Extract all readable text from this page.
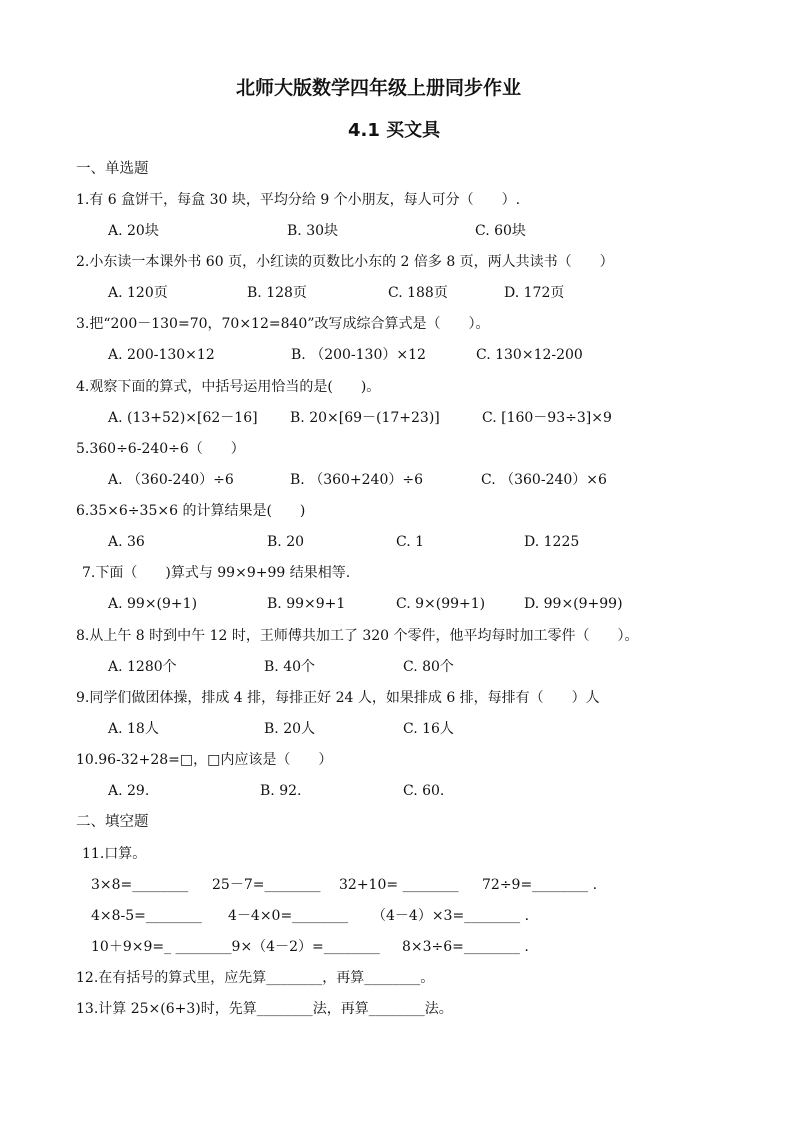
北师大版数学四年级上册同步作业
4.1 买文具
一、单选题
1.有 6 盒饼干，每盒 30 块，平均分给 9 个小朋友，每人可分（　　）.
A. 20块	B. 30块	C. 60块
2.小东读一本课外书 60 页，小红读的页数比小东的 2 倍多 8 页，两人共读书（　　）
A. 120页	B. 128页	C. 188页	D. 172页
3.把“200－130=70，70×12=840”改写成综合算式是（　　）。
A. 200-130×12	B. （200-130）×12	C. 130×12-200
4.观察下面的算式，中括号运用恰当的是(　　)。
A. (13+52)×[62－16] B. 20×[69－(17+23)]	C. [160－93÷3]×9
5.360÷6-240÷6（　　）
A. （360-240）÷6	B. （360+240）÷6	C. （360-240）×6
6.35×6÷35×6 的计算结果是(　　)
A. 36	B. 20	C. 1	D. 1225
7.下面（　　)算式与 99×9+99 结果相等.
A. 99×(9+1)	B. 99×9+1	C. 9×(99+1)	D. 99×(9+99)
8.从上午 8 时到中午 12 时，王师傅共加工了 320 个零件，他平均每时加工零件（　　）。
A. 1280个	B. 40个	C. 80个
9.同学们做团体操，排成 4 排，每排正好 24 人，如果排成 6 排，每排有（　　）人
A. 18人	B. 20人	C. 16人
10.96-32+28=□，□内应该是（　　）
A. 29.	B. 92.	C. 60.
二、填空题
11.口算。
3×8=________ 25－7=________ 32+10= ________ 72÷9=________ .
4×8-5=________ 4－4×0=________ （4－4）×3=________ .
10＋9×9=_ ________9×（4－2）=________ 8×3÷6=________ .
12.在有括号的算式里，应先算________，再算________。
13.计算 25×(6+3)时，先算________法，再算________法。
